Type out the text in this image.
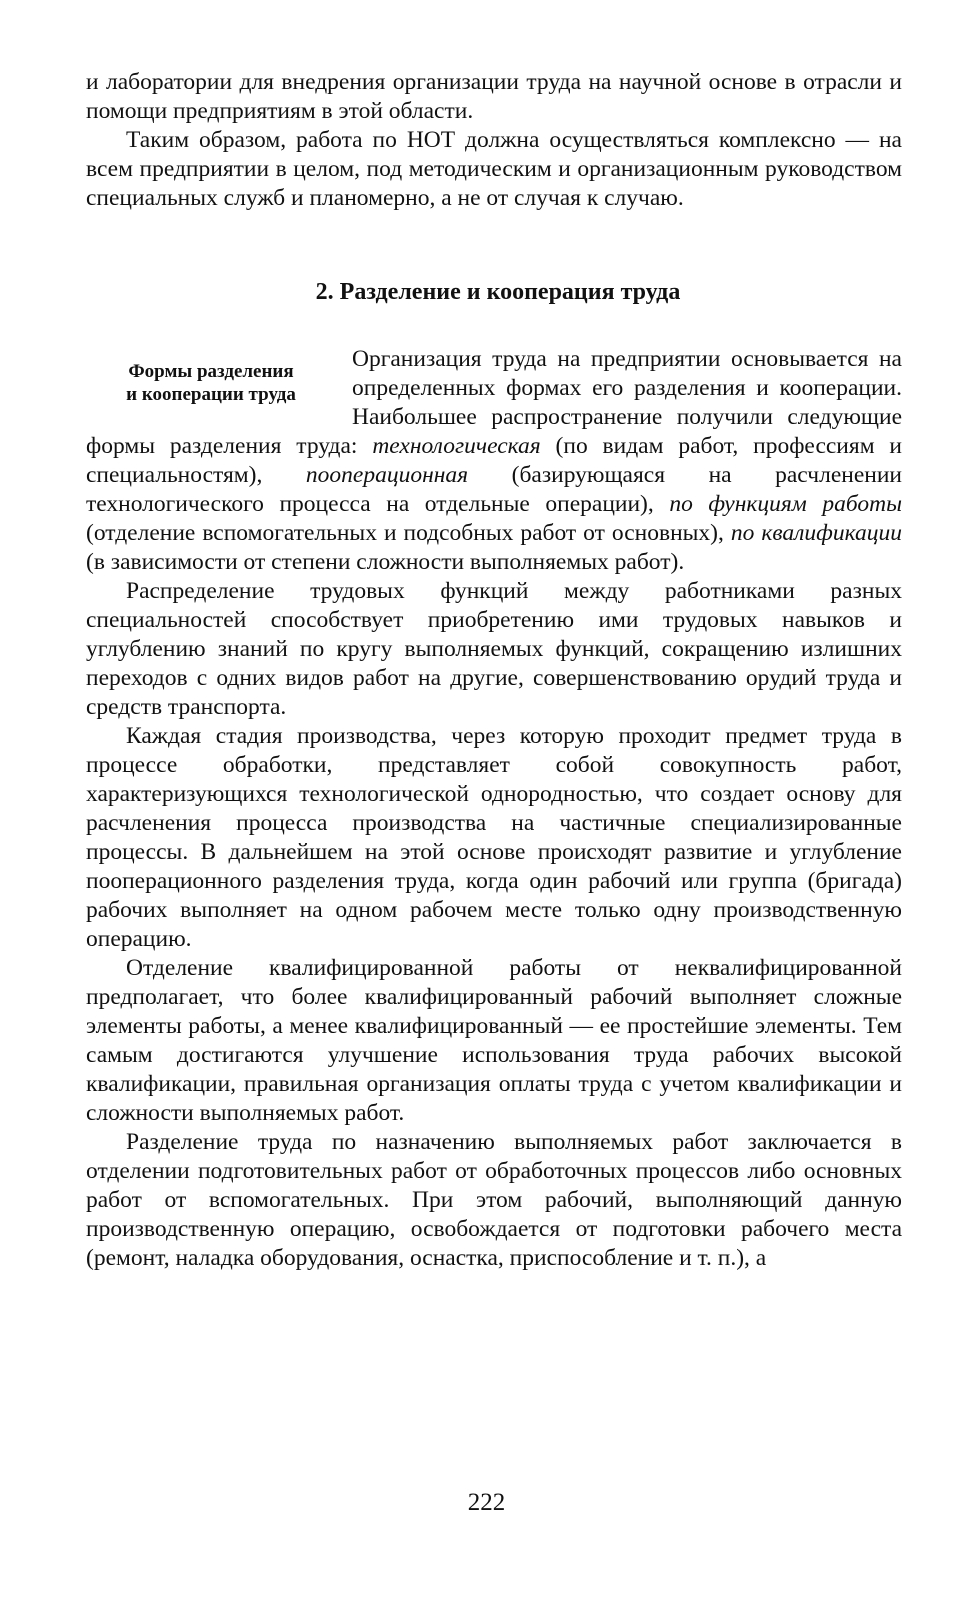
и лаборатории для внедрения организации труда на научной основе в отрасли и помощи предприятиям в этой области.

Таким образом, работа по НОТ должна осуществляться комплексно — на всем предприятии в целом, под методическим и организационным руководством специальных служб и планомерно, а не от случая к случаю.

2. Разделение и кооперация труда
Формы разделения
и кооперации труда

Организация труда на предприятии основывается на определенных формах его разделения и кооперации. Наибольшее распространение получили следующие формы разделения труда: технологическая (по видам работ, профессиям и специальностям), пооперационная (базирующаяся на расчленении технологического процесса на отдельные операции), по функциям работы (отделение вспомогательных и подсобных работ от основных), по квалификации (в зависимости от степени сложности выполняемых работ).

Распределение трудовых функций между работниками разных специальностей способствует приобретению ими трудовых навыков и углублению знаний по кругу выполняемых функций, сокращению излишних переходов с одних видов работ на другие, совершенствованию орудий труда и средств транспорта.

Каждая стадия производства, через которую проходит предмет труда в процессе обработки, представляет собой совокупность работ, характеризующихся технологической однородностью, что создает основу для расчленения процесса производства на частичные специализированные процессы. В дальнейшем на этой основе происходят развитие и углубление пооперационного разделения труда, когда один рабочий или группа (бригада) рабочих выполняет на одном рабочем месте только одну производственную операцию.

Отделение квалифицированной работы от неквалифицированной предполагает, что более квалифицированный рабочий выполняет сложные элементы работы, а менее квалифицированный — ее простейшие элементы. Тем самым достигаются улучшение использования труда рабочих высокой квалификации, правильная организация оплаты труда с учетом квалификации и сложности выполняемых работ.

Разделение труда по назначению выполняемых работ заключается в отделении подготовительных работ от обработочных процессов либо основных работ от вспомогательных. При этом рабочий, выполняющий данную производственную операцию, освобождается от подготовки рабочего места (ремонт, наладка оборудования, оснастка, приспособление и т. п.), а

222
